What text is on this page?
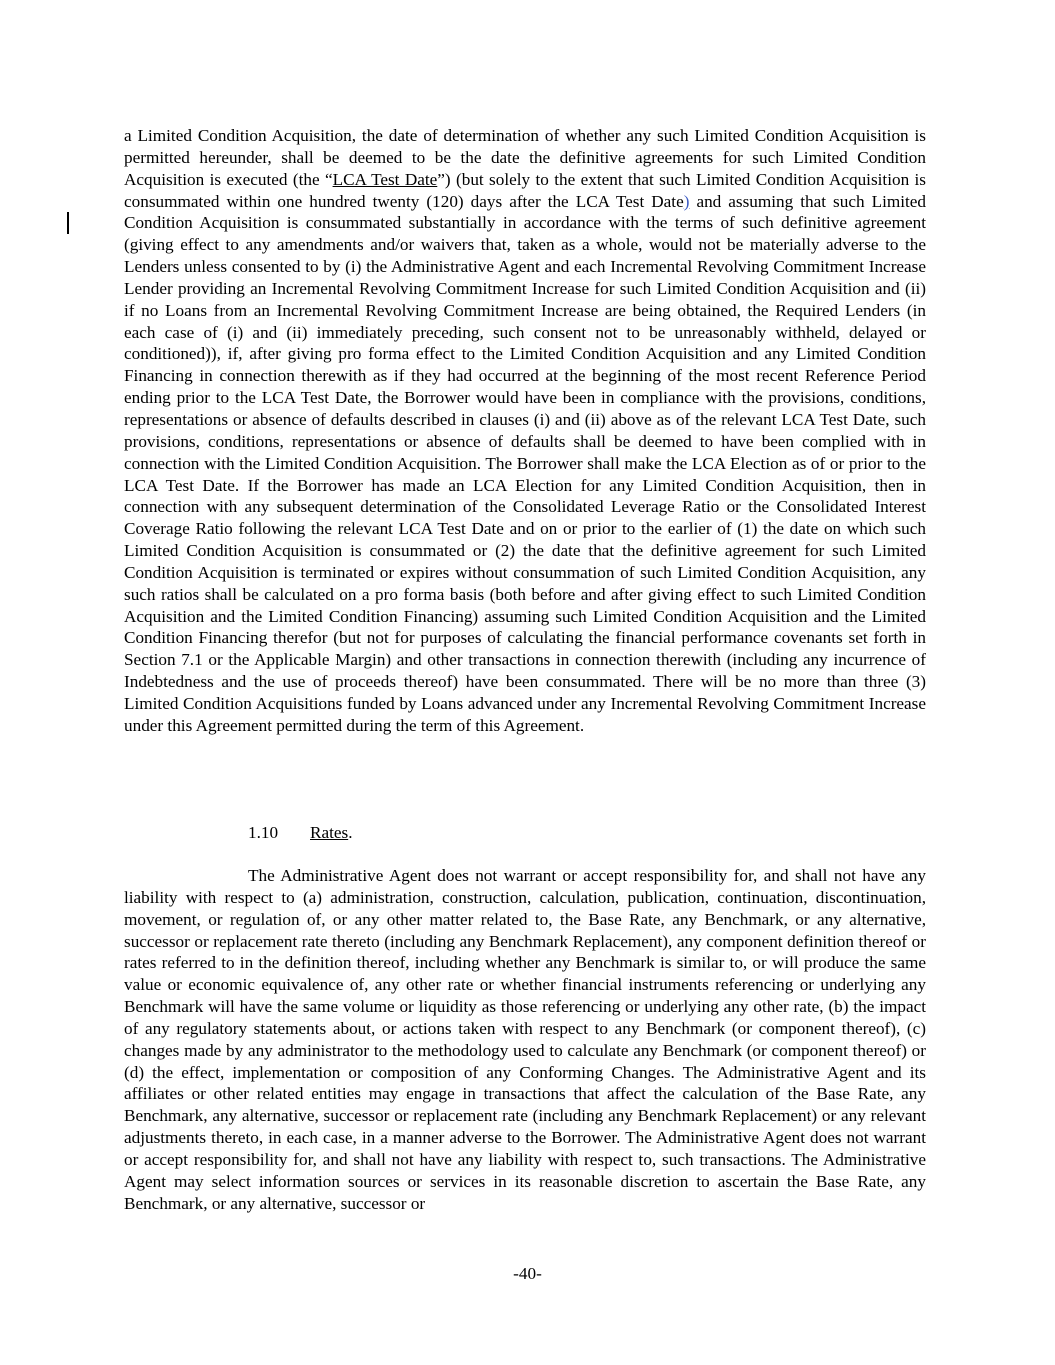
a Limited Condition Acquisition, the date of determination of whether any such Limited Condition Acquisition is permitted hereunder, shall be deemed to be the date the definitive agreements for such Limited Condition Acquisition is executed (the “LCA Test Date”) (but solely to the extent that such Limited Condition Acquisition is consummated within one hundred twenty (120) days after the LCA Test Date) and assuming that such Limited Condition Acquisition is consummated substantially in accordance with the terms of such definitive agreement (giving effect to any amendments and/or waivers that, taken as a whole, would not be materially adverse to the Lenders unless consented to by (i) the Administrative Agent and each Incremental Revolving Commitment Increase Lender providing an Incremental Revolving Commitment Increase for such Limited Condition Acquisition and (ii) if no Loans from an Incremental Revolving Commitment Increase are being obtained, the Required Lenders (in each case of (i) and (ii) immediately preceding, such consent not to be unreasonably withheld, delayed or conditioned)), if, after giving pro forma effect to the Limited Condition Acquisition and any Limited Condition Financing in connection therewith as if they had occurred at the beginning of the most recent Reference Period ending prior to the LCA Test Date, the Borrower would have been in compliance with the provisions, conditions, representations or absence of defaults described in clauses (i) and (ii) above as of the relevant LCA Test Date, such provisions, conditions, representations or absence of defaults shall be deemed to have been complied with in connection with the Limited Condition Acquisition. The Borrower shall make the LCA Election as of or prior to the LCA Test Date. If the Borrower has made an LCA Election for any Limited Condition Acquisition, then in connection with any subsequent determination of the Consolidated Leverage Ratio or the Consolidated Interest Coverage Ratio following the relevant LCA Test Date and on or prior to the earlier of (1) the date on which such Limited Condition Acquisition is consummated or (2) the date that the definitive agreement for such Limited Condition Acquisition is terminated or expires without consummation of such Limited Condition Acquisition, any such ratios shall be calculated on a pro forma basis (both before and after giving effect to such Limited Condition Acquisition and the Limited Condition Financing) assuming such Limited Condition Acquisition and the Limited Condition Financing therefor (but not for purposes of calculating the financial performance covenants set forth in Section 7.1 or the Applicable Margin) and other transactions in connection therewith (including any incurrence of Indebtedness and the use of proceeds thereof) have been consummated. There will be no more than three (3) Limited Condition Acquisitions funded by Loans advanced under any Incremental Revolving Commitment Increase under this Agreement permitted during the term of this Agreement.
1.10 Rates.
The Administrative Agent does not warrant or accept responsibility for, and shall not have any liability with respect to (a) administration, construction, calculation, publication, continuation, discontinuation, movement, or regulation of, or any other matter related to, the Base Rate, any Benchmark, or any alternative, successor or replacement rate thereto (including any Benchmark Replacement), any component definition thereof or rates referred to in the definition thereof, including whether any Benchmark is similar to, or will produce the same value or economic equivalence of, any other rate or whether financial instruments referencing or underlying any Benchmark will have the same volume or liquidity as those referencing or underlying any other rate, (b) the impact of any regulatory statements about, or actions taken with respect to any Benchmark (or component thereof), (c) changes made by any administrator to the methodology used to calculate any Benchmark (or component thereof) or (d) the effect, implementation or composition of any Conforming Changes. The Administrative Agent and its affiliates or other related entities may engage in transactions that affect the calculation of the Base Rate, any Benchmark, any alternative, successor or replacement rate (including any Benchmark Replacement) or any relevant adjustments thereto, in each case, in a manner adverse to the Borrower. The Administrative Agent does not warrant or accept responsibility for, and shall not have any liability with respect to, such transactions. The Administrative Agent may select information sources or services in its reasonable discretion to ascertain the Base Rate, any Benchmark, or any alternative, successor or
-40-
